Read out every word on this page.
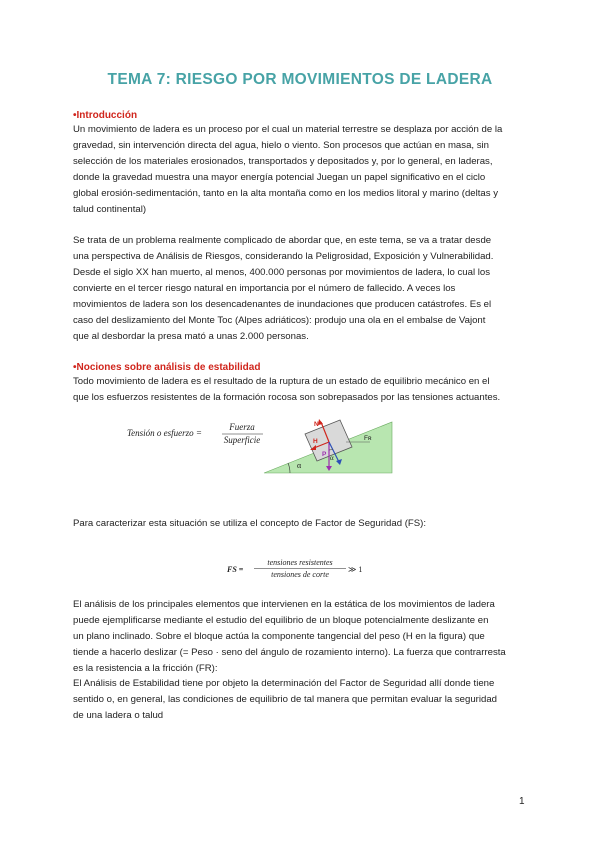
TEMA 7: RIESGO POR MOVIMIENTOS DE LADERA
•Introducción

Un movimiento de ladera es un proceso por el cual un material terrestre se desplaza por acción de la
gravedad, sin intervención directa del agua, hielo o viento. Son procesos que actúan en masa, sin
selección de los materiales erosionados, transportados y depositados y, por lo general, en laderas,
donde la gravedad muestra una mayor energía potencial Juegan un papel significativo en el ciclo
global erosión-sedimentación, tanto en la alta montaña como en los medios litoral y marino (deltas y
talud continental)

Se trata de un problema realmente complicado de abordar que, en este tema, se va a tratar desde
una perspectiva de Análisis de Riesgos, considerando la Peligrosidad, Exposición y Vulnerabilidad.
Desde el siglo XX han muerto, al menos, 400.000 personas por movimientos de ladera, lo cual los
convierte en el tercer riesgo natural en importancia por el número de fallecido. A veces los
movimientos de ladera son los desencadenantes de inundaciones que producen catástrofes. Es el
caso del deslizamiento del Monte Toc (Alpes adriáticos): produjo una ola en el embalse de Vajont
que al desbordar la presa mató a unas 2.000 personas.

•Nociones sobre análisis de estabilidad

Todo movimiento de ladera es el resultado de la ruptura de un estado de equilibrio mecánico en el
que los esfuerzos resistentes de la formación rocosa son sobrepasados por las tensiones actuantes.

Tensión o esfuerzo =
Fuerza
Superficie
α
Fʀ
N
H
P α

Para caracterizar esta situación se utiliza el concepto de Factor de Seguridad (FS):

FS =
tensiones resistentes
tensiones de corte
≫ 1

El análisis de los principales elementos que intervienen en la estática de los movimientos de ladera
puede ejemplificarse mediante el estudio del equilibrio de un bloque potencialmente deslizante en
un plano inclinado. Sobre el bloque actúa la componente tangencial del peso (H en la figura) que
tiende a hacerlo deslizar (= Peso · seno del ángulo de rozamiento interno). La fuerza que contrarresta
es la resistencia a la fricción (FR):

El Análisis de Estabilidad tiene por objeto la determinación del Factor de Seguridad allí donde tiene
sentido o, en general, las condiciones de equilibrio de tal manera que permitan evaluar la seguridad
de una ladera o talud

1
